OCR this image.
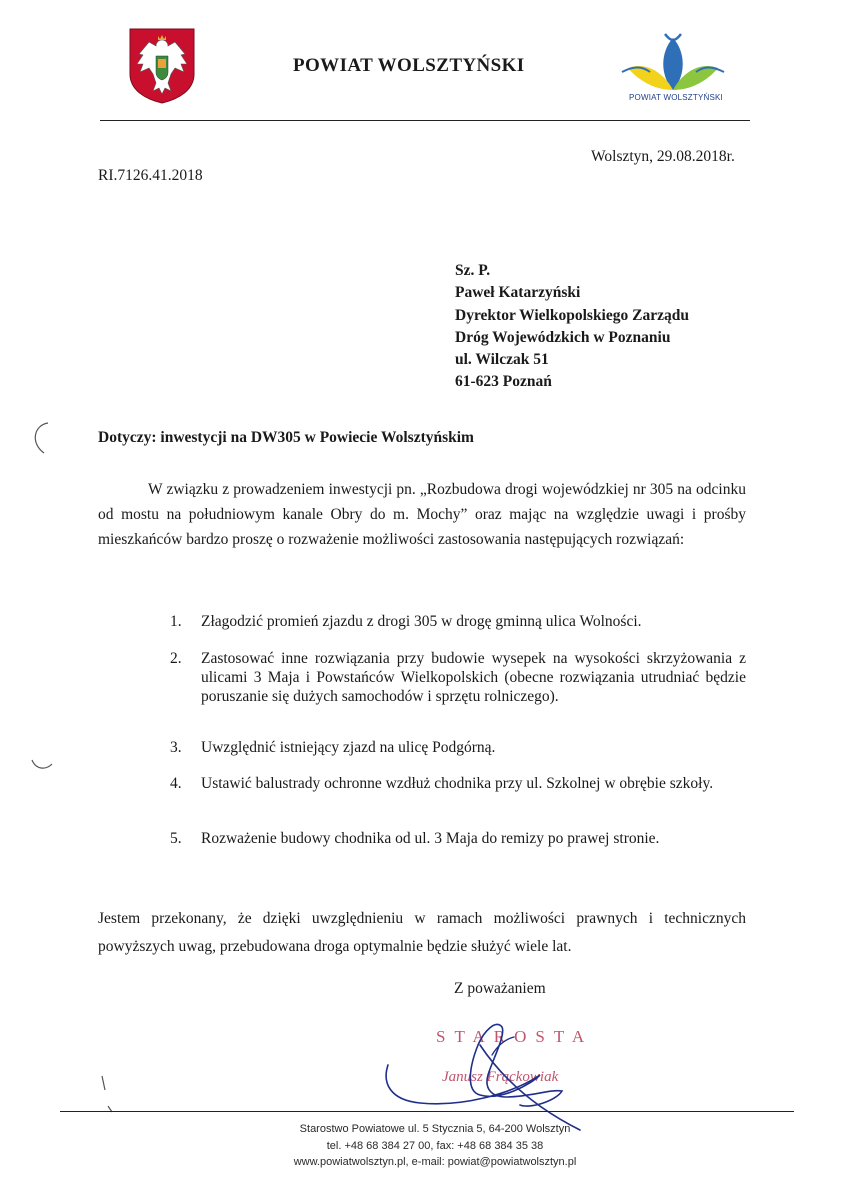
POWIAT WOLSZTYŃSKI
POWIAT WOLSZTYŃSKI
RI.7126.41.2018
Wolsztyn, 29.08.2018r.
Sz. P.
Paweł Katarzyński
Dyrektor Wielkopolskiego Zarządu
Dróg Wojewódzkich w Poznaniu
ul. Wilczak 51
61-623 Poznań
Dotyczy: inwestycji na DW305 w Powiecie Wolsztyńskim

W związku z prowadzeniem inwestycji pn. „Rozbudowa drogi wojewódzkiej nr 305 na odcinku od mostu na południowym kanale Obry do m. Mochy” oraz mając na względzie uwagi i prośby mieszkańców bardzo proszę o rozważenie możliwości zastosowania następujących rozwiązań:

1.	Złagodzić promień zjazdu z drogi 305 w drogę gminną ulica Wolności.
2.	Zastosować inne rozwiązania przy budowie wysepek na wysokości skrzyżowania z ulicami 3 Maja i Powstańców Wielkopolskich (obecne rozwiązania utrudniać będzie poruszanie się dużych samochodów i sprzętu rolniczego).
3.	Uwzględnić istniejący zjazd na ulicę Podgórną.
4.	Ustawić balustrady ochronne wzdłuż chodnika przy ul. Szkolnej w obrębie szkoły.
5.	Rozważenie budowy chodnika od ul. 3 Maja do remizy po prawej stronie.

Jestem przekonany, że dzięki uwzględnieniu w ramach możliwości prawnych i technicznych powyższych uwag, przebudowana droga optymalnie będzie służyć wiele lat.

Z poważaniem
STAROSTA
Janusz Frąckowiak
Starostwo Powiatowe ul. 5 Stycznia 5, 64-200 Wolsztyn
tel. +48 68 384 27 00, fax: +48 68 384 35 38
www.powiatwolsztyn.pl, e-mail: powiat@powiatwolsztyn.pl
